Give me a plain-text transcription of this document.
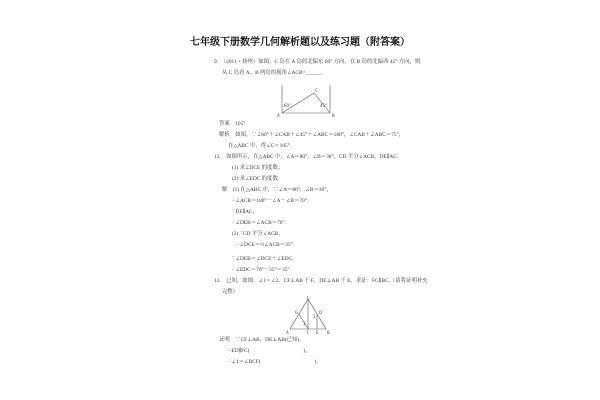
七年级下册数学几何解析题以及练习题（附答案）
9.　（2011・扬州）如图，C 岛在 A 岛的北偏东 60° 方向，在 B 岛的北偏西 45° 方向，则
从 C 岛看 A、B 两岛的视角∠ACB=______.
答案　105°
解析　如图，∵∠60°＋∠CAB＋∠45°＋∠ABC＝180°，∠CAB＋∠ABC＝75°，
在△ABC 中，得∠C＝105°.
12.　如图所示，在△ABC 中，∠A＝80°，∠B＝30°，CD 平分∠ACB，DE∥AC.
(1) 求∠DCE 的度数；
(2) 求∠EDC 的度数.
解　(1) 在△ABC 中，∵∠A＝80°，∠B＝30°，
∴∠ACB＝180°－∠A－∠B＝70°.
∵DE∥AC，
∴∠DEB＝∠ACB＝70°.
(2) ∵CD 平分∠ACB，
∴∠DCE＝½∠ACB＝35°.
∵∠DEB＝∠DCE＋∠EDC，
∴∠EDC＝70°－35°＝35°.
13.　已知，如图，∠1＝∠2，CF⊥AB 于 F，DE⊥AB 于 E，求证：FG∥BC.（请将证明补充
完整）
证明　∵CF⊥AB，DE⊥AB(已知)，
∴ED∥FC(　　　　　　　　　　)，
∴∠1＝∠BCF(　　　　　　　　　　)，
A	B
C
60°	45°
A	B
C
D
E
F
G
1
2
